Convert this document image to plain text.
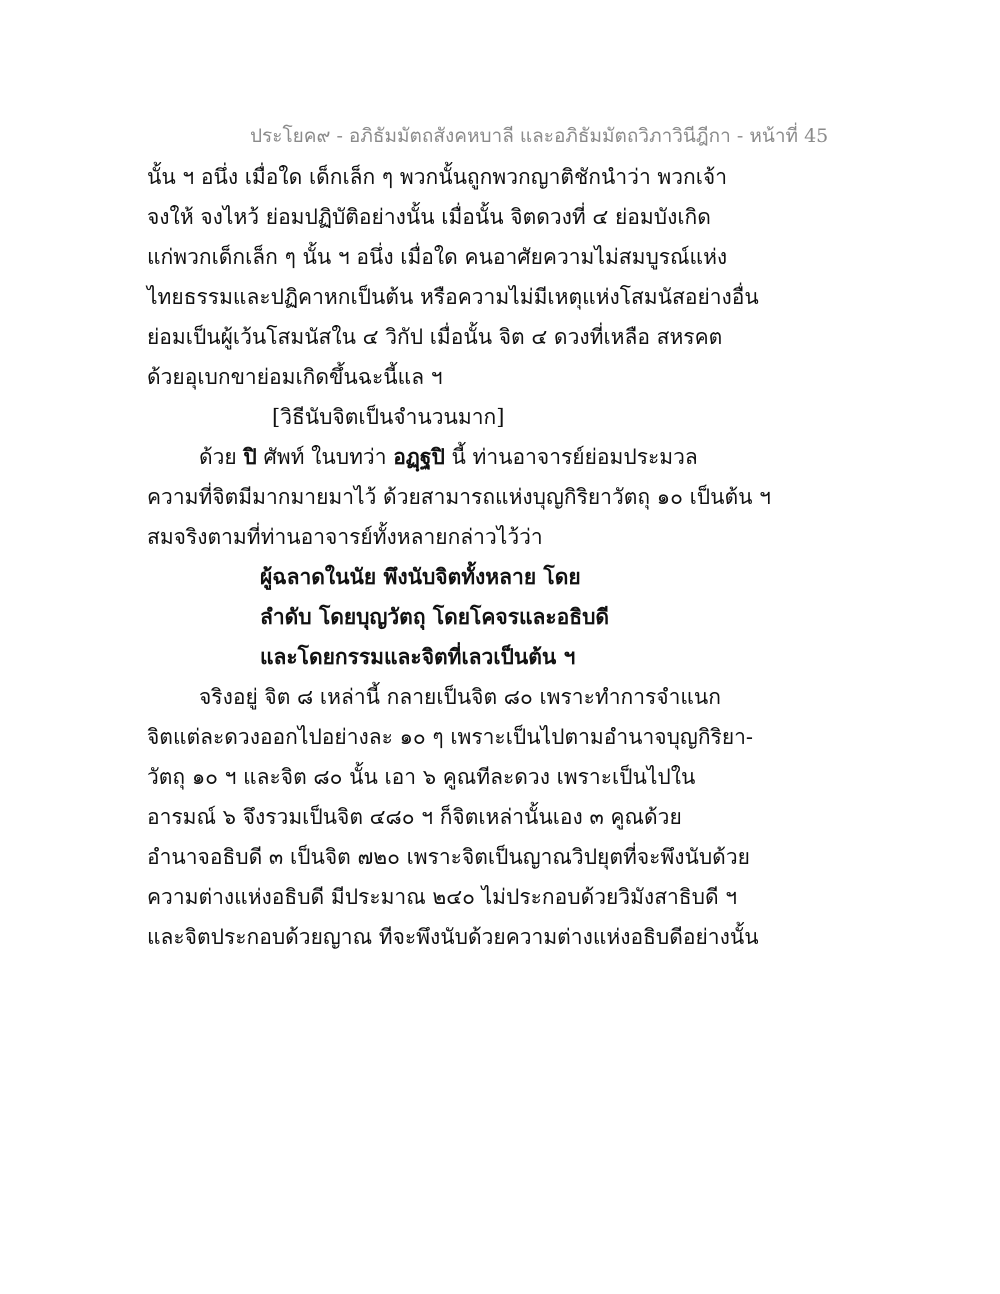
ประโยค๙ - อภิธัมมัตถสังคหบาลี และอภิธัมมัตถวิภาวินีฎีกา - หน้าที่ 45
นั้น ฯ อนึ่ง เมื่อใด เด็กเล็ก ๆ พวกนั้นถูกพวกญาติชักนำว่า พวกเจ้า
จงให้ จงไหว้ ย่อมปฏิบัติอย่างนั้น เมื่อนั้น จิตดวงที่ ๔ ย่อมบังเกิด
แก่พวกเด็กเล็ก ๆ นั้น ฯ อนึ่ง เมื่อใด คนอาศัยความไม่สมบูรณ์แห่ง
ไทยธรรมและปฏิคาหกเป็นต้น หรือความไม่มีเหตุแห่งโสมนัสอย่างอื่น
ย่อมเป็นผู้เว้นโสมนัสใน ๔ วิกัป เมื่อนั้น จิต ๔ ดวงที่เหลือ สหรคต
ด้วยอุเบกขาย่อมเกิดขึ้นฉะนี้แล ฯ
[วิธีนับจิตเป็นจำนวนมาก]
ด้วย ปิ ศัพท์ ในบทว่า อฏฺฐปิ นี้ ท่านอาจารย์ย่อมประมวล
ความที่จิตมีมากมายมาไว้ ด้วยสามารถแห่งบุญกิริยาวัตถุ ๑๐ เป็นต้น ฯ
สมจริงตามที่ท่านอาจารย์ทั้งหลายกล่าวไว้ว่า
ผู้ฉลาดในนัย พึงนับจิตทั้งหลาย โดย
ลำดับ โดยบุญวัตถุ โดยโคจรและอธิบดี
และโดยกรรมและจิตที่เลวเป็นต้น ฯ
จริงอยู่ จิต ๘ เหล่านี้ กลายเป็นจิต ๘๐ เพราะทำการจำแนก
จิตแต่ละดวงออกไปอย่างละ ๑๐ ๆ เพราะเป็นไปตามอำนาจบุญกิริยา-
วัตถุ ๑๐ ฯ และจิต ๘๐ นั้น เอา ๖ คูณทีละดวง เพราะเป็นไปใน
อารมณ์ ๖ จึงรวมเป็นจิต ๔๘๐ ฯ ก็จิตเหล่านั้นเอง ๓ คูณด้วย
อำนาจอธิบดี ๓ เป็นจิต ๗๒๐ เพราะจิตเป็นญาณวิปยุตที่จะพึงนับด้วย
ความต่างแห่งอธิบดี มีประมาณ ๒๔๐ ไม่ประกอบด้วยวิมังสาธิบดี ฯ
และจิตประกอบด้วยญาณ ทีจะพึงนับด้วยความต่างแห่งอธิบดีอย่างนั้น
